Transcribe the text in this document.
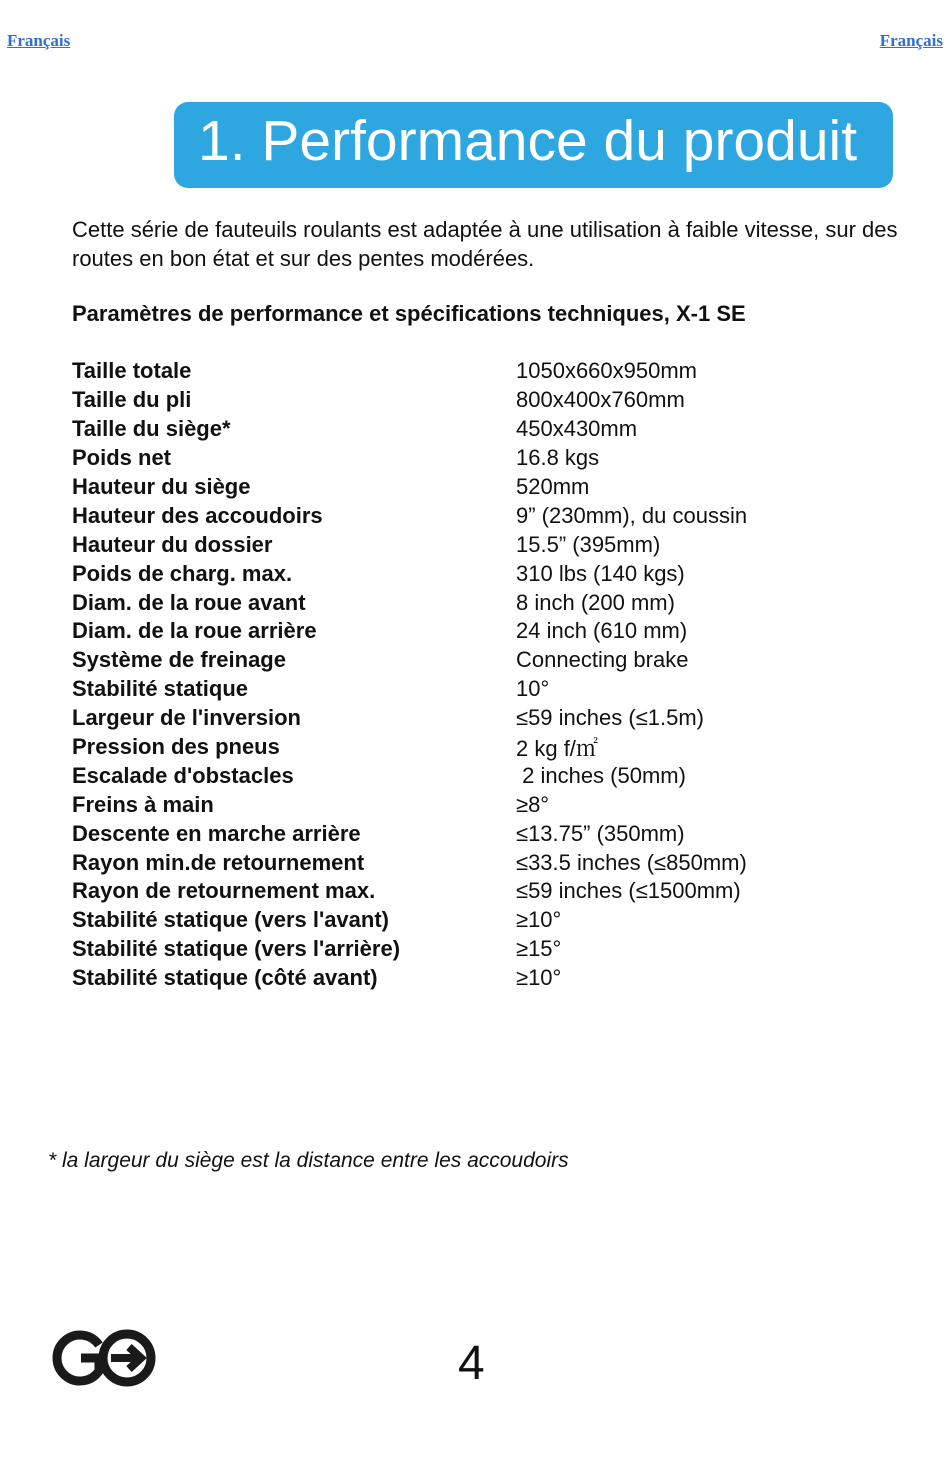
Français	Français
1. Performance du produit

Cette série de fauteuils roulants est adaptée à une utilisation à faible vitesse, sur des routes en bon état et sur des pentes modérées.

Paramètres de performance et spécifications techniques, X-1 SE

Taille totale	1050x660x950mm
Taille du pli	800x400x760mm
Taille du siège*	450x430mm
Poids net	16.8 kgs
Hauteur du siège	520mm
Hauteur des accoudoirs	9” (230mm), du coussin
Hauteur du dossier	15.5” (395mm)
Poids de charg. max.	310 lbs (140 kgs)
Diam. de la roue avant	8 inch (200 mm)
Diam. de la roue arrière	24 inch (610 mm)
Système de freinage	Connecting brake
Stabilité statique	10°
Largeur de l'inversion	≤59 inches (≤1.5m)
Pression des pneus	2 kg f/㎡
Escalade d'obstacles	2 inches (50mm)
Freins à main	≥8°
Descente en marche arrière	≤13.75” (350mm)
Rayon min.de retournement	≤33.5 inches (≤850mm)
Rayon de retournement max.	≤59 inches (≤1500mm)
Stabilité statique (vers l'avant)	≥10°
Stabilité statique (vers l'arrière)	≥15°
Stabilité statique (côté avant)	≥10°
* la largeur du siège est la distance entre les accoudoirs
4
